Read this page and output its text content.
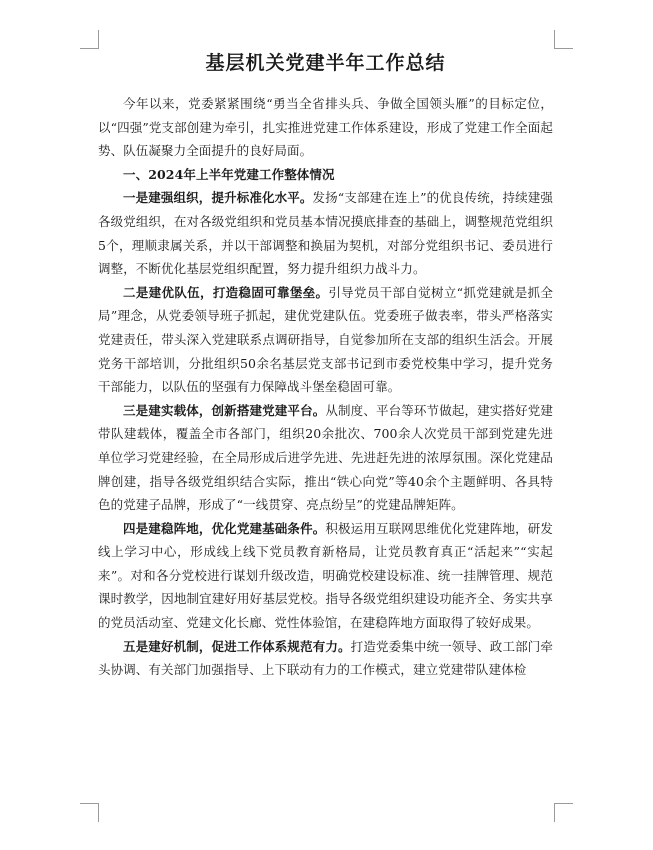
基层机关党建半年工作总结

今年以来，党委紧紧围绕“勇当全省排头兵、争做全国领头雁”的目标定位，以“四强”党支部创建为牵引，扎实推进党建工作体系建设，形成了党建工作全面起势、队伍凝聚力全面提升的良好局面。

一、2024年上半年党建工作整体情况

一是建强组织，提升标准化水平。发扬“支部建在连上”的优良传统，持续建强各级党组织，在对各级党组织和党员基本情况摸底排查的基础上，调整规范党组织5个，理顺隶属关系，并以干部调整和换届为契机，对部分党组织书记、委员进行调整，不断优化基层党组织配置，努力提升组织力战斗力。

二是建优队伍，打造稳固可靠堡垒。引导党员干部自觉树立“抓党建就是抓全局”理念，从党委领导班子抓起，建优党建队伍。党委班子做表率，带头严格落实党建责任，带头深入党建联系点调研指导，自觉参加所在支部的组织生活会。开展党务干部培训，分批组织50余名基层党支部书记到市委党校集中学习，提升党务干部能力，以队伍的坚强有力保障战斗堡垒稳固可靠。

三是建实载体，创新搭建党建平台。从制度、平台等环节做起，建实搭好党建带队建载体，覆盖全市各部门，组织20余批次、700余人次党员干部到党建先进单位学习党建经验，在全局形成后进学先进、先进赶先进的浓厚氛围。深化党建品牌创建，指导各级党组织结合实际，推出“铁心向党”等40余个主题鲜明、各具特色的党建子品牌，形成了“一线贯穿、亮点纷呈”的党建品牌矩阵。

四是建稳阵地，优化党建基础条件。积极运用互联网思维优化党建阵地，研发线上学习中心，形成线上线下党员教育新格局，让党员教育真正“活起来”“实起来”。对和各分党校进行谋划升级改造，明确党校建设标准、统一挂牌管理、规范课时教学，因地制宜建好用好基层党校。指导各级党组织建设功能齐全、务实共享的党员活动室、党建文化长廊、党性体验馆，在建稳阵地方面取得了较好成果。

五是建好机制，促进工作体系规范有力。打造党委集中统一领导、政工部门牵头协调、有关部门加强指导、上下联动有力的工作模式，建立党建带队建体检
